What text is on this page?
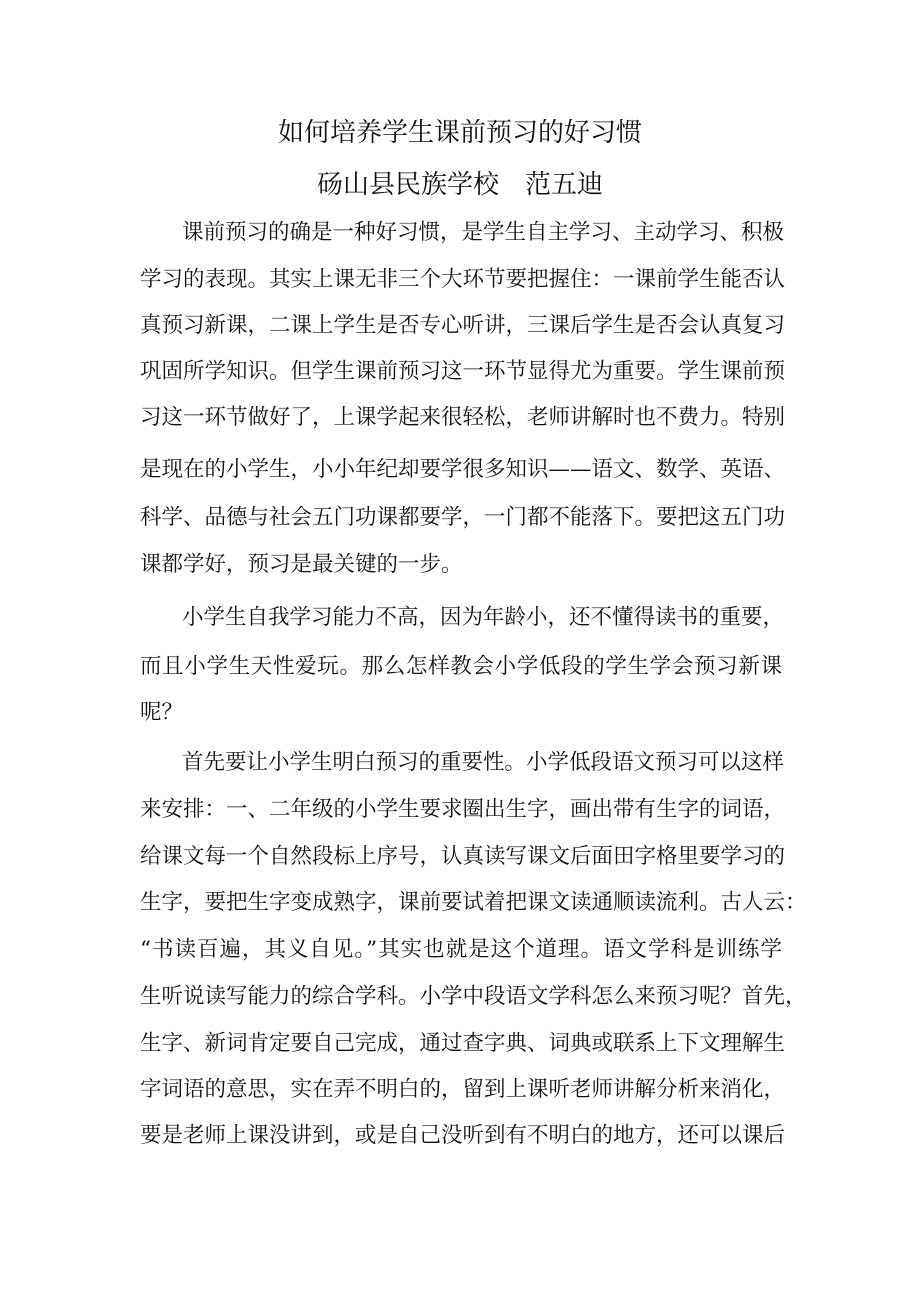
如何培养学生课前预习的好习惯
砀山县民族学校　范五迪
课前预习的确是一种好习惯，是学生自主学习、主动学习、积极
学习的表现。其实上课无非三个大环节要把握住：一课前学生能否认
真预习新课，二课上学生是否专心听讲，三课后学生是否会认真复习
巩固所学知识。但学生课前预习这一环节显得尤为重要。学生课前预
习这一环节做好了，上课学起来很轻松，老师讲解时也不费力。特别
是现在的小学生，小小年纪却要学很多知识——语文、数学、英语、
科学、品德与社会五门功课都要学，一门都不能落下。要把这五门功
课都学好，预习是最关键的一步。
小学生自我学习能力不高，因为年龄小，还不懂得读书的重要，
而且小学生天性爱玩。那么怎样教会小学低段的学生学会预习新课
呢？
首先要让小学生明白预习的重要性。小学低段语文预习可以这样
来安排：一、二年级的小学生要求圈出生字，画出带有生字的词语，
给课文每一个自然段标上序号，认真读写课文后面田字格里要学习的
生字，要把生字变成熟字，课前要试着把课文读通顺读流利。古人云：
“书读百遍，其义自见。”其实也就是这个道理。语文学科是训练学
生听说读写能力的综合学科。小学中段语文学科怎么来预习呢？首先，
生字、新词肯定要自己完成，通过查字典、词典或联系上下文理解生
字词语的意思，实在弄不明白的，留到上课听老师讲解分析来消化，
要是老师上课没讲到，或是自己没听到有不明白的地方，还可以课后
